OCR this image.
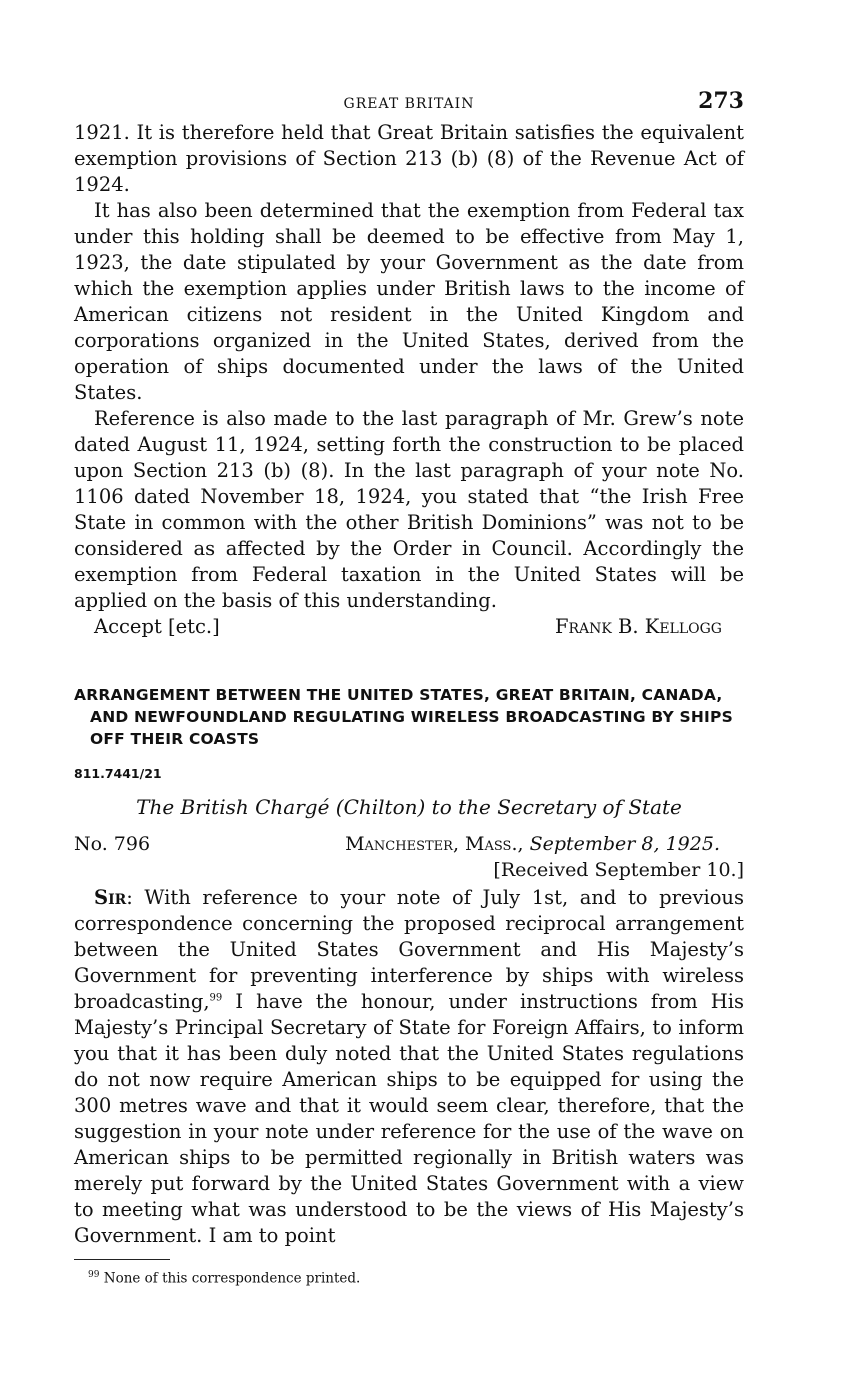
GREAT BRITAIN	273

1921. It is therefore held that Great Britain satisfies the equivalent exemption provisions of Section 213 (b) (8) of the Revenue Act of 1924.

It has also been determined that the exemption from Federal tax under this holding shall be deemed to be effective from May 1, 1923, the date stipulated by your Government as the date from which the exemption applies under British laws to the income of American citizens not resident in the United Kingdom and corporations organized in the United States, derived from the operation of ships documented under the laws of the United States.

Reference is also made to the last paragraph of Mr. Grew’s note dated August 11, 1924, setting forth the construction to be placed upon Section 213 (b) (8). In the last paragraph of your note No. 1106 dated November 18, 1924, you stated that “the Irish Free State in common with the other British Dominions” was not to be considered as affected by the Order in Council. Accordingly the exemption from Federal taxation in the United States will be applied on the basis of this understanding.

Accept [etc.]	Frank B. Kellogg
ARRANGEMENT BETWEEN THE UNITED STATES, GREAT BRITAIN, CANADA, AND NEWFOUNDLAND REGULATING WIRELESS BROADCASTING BY SHIPS OFF THEIR COASTS
811.7441/21
The British Chargé (Chilton) to the Secretary of State
No. 796	Manchester, Mass., September 8, 1925.
[Received September 10.]

Sir: With reference to your note of July 1st, and to previous correspondence concerning the proposed reciprocal arrangement between the United States Government and His Majesty’s Government for preventing interference by ships with wireless broadcasting,$^{99}$ I have the honour, under instructions from His Majesty’s Principal Secretary of State for Foreign Affairs, to inform you that it has been duly noted that the United States regulations do not now require American ships to be equipped for using the 300 metres wave and that it would seem clear, therefore, that the suggestion in your note under reference for the use of the wave on American ships to be permitted regionally in British waters was merely put forward by the United States Government with a view to meeting what was understood to be the views of His Majesty’s Government. I am to point

$^{99}$ None of this correspondence printed.
